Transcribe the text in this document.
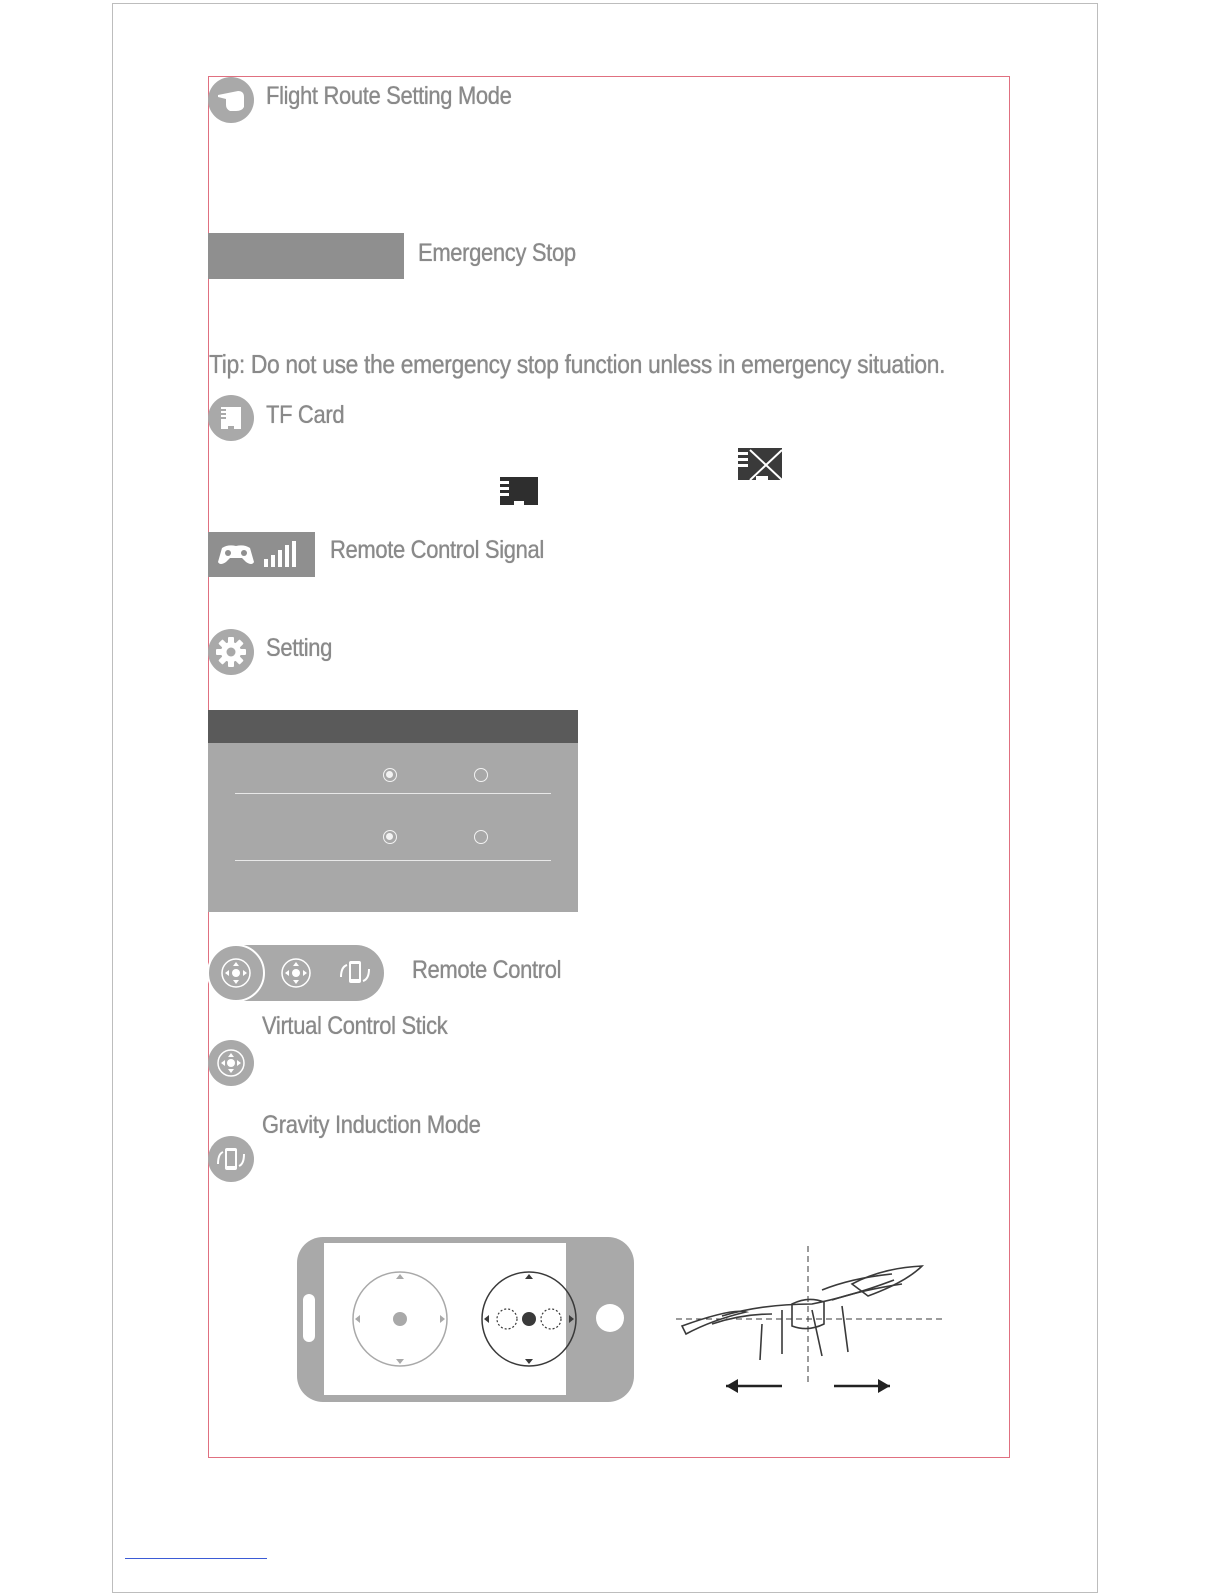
Flight Route Setting Mode
Emergency Stop
Tip: Do not use the emergency stop function unless in emergency situation.
TF Card
Remote Control Signal
Setting
Remote Control
Virtual Control Stick
Gravity Induction Mode
